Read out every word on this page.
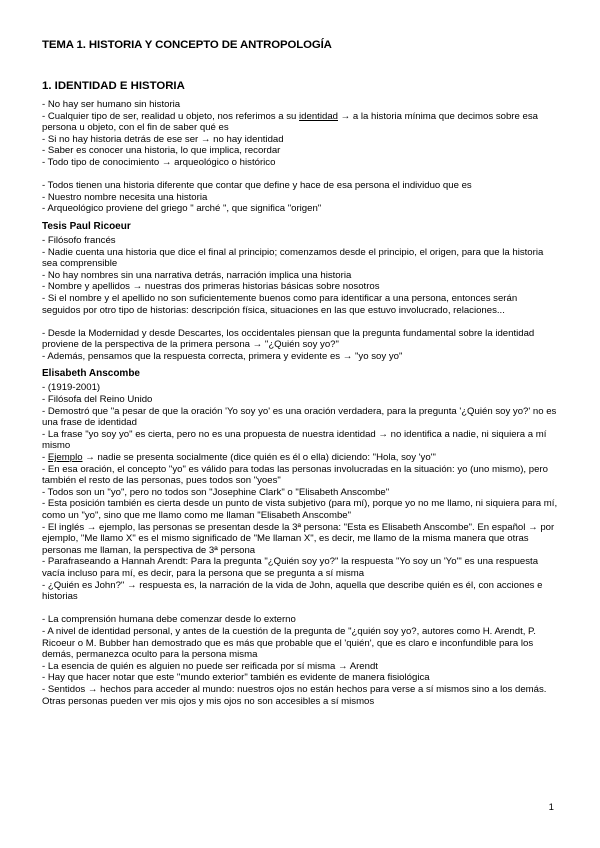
TEMA 1. HISTORIA Y CONCEPTO DE ANTROPOLOGÍA
1. IDENTIDAD E HISTORIA

- No hay ser humano sin historia

- Cualquier tipo de ser, realidad u objeto, nos referimos a su identidad → a la historia mínima que decimos sobre esa persona u objeto, con el fin de saber qué es

- Si no hay historia detrás de ese ser → no hay identidad

- Saber es conocer una historia, lo que implica, recordar

- Todo tipo de conocimiento → arqueológico o histórico

- Todos tienen una historia diferente que contar que define y hace de esa persona el individuo que es

- Nuestro nombre necesita una historia

- Arqueológico proviene del griego " arché ", que significa "origen"

Tesis Paul Ricoeur

- Filósofo francés

- Nadie cuenta una historia que dice el final al principio; comenzamos desde el principio, el origen, para que la historia sea comprensible

- No hay nombres sin una narrativa detrás, narración implica una historia

- Nombre y apellidos → nuestras dos primeras historias básicas sobre nosotros

- Si el nombre y el apellido no son suficientemente buenos como para identificar a una persona, entonces serán seguidos por otro tipo de historias: descripción física, situaciones en las que estuvo involucrado, relaciones...

- Desde la Modernidad y desde Descartes, los occidentales piensan que la pregunta fundamental sobre la identidad proviene de la perspectiva de la primera persona → "¿Quién soy yo?"

- Además, pensamos que la respuesta correcta, primera y evidente es → "yo soy yo"

Elisabeth Anscombe

- (1919-2001)

- Filósofa del Reino Unido

- Demostró que "a pesar de que la oración 'Yo soy yo' es una oración verdadera, para la pregunta '¿Quién soy yo?' no es una frase de identidad

- La frase "yo soy yo" es cierta, pero no es una propuesta de nuestra identidad → no identifica a nadie, ni siquiera a mí mismo

- Ejemplo → nadie se presenta socialmente (dice quién es él o ella) diciendo: "Hola, soy 'yo'"

- En esa oración, el concepto "yo" es válido para todas las personas involucradas en la situación: yo (uno mismo), pero también el resto de las personas, pues todos son "yoes"

- Todos son un "yo", pero no todos son "Josephine Clark" o "Elisabeth Anscombe"

- Esta posición también es cierta desde un punto de vista subjetivo (para mí), porque yo no me llamo, ni siquiera para mí, como un "yo", sino que me llamo como me llaman "Elisabeth Anscombe"

- El inglés → ejemplo, las personas se presentan desde la 3ª persona: "Esta es Elisabeth Anscombe". En español → por ejemplo, "Me llamo X" es el mismo significado de "Me llaman X", es decir, me llamo de la misma manera que otras personas me llaman, la perspectiva de 3ª persona

- Parafraseando a Hannah Arendt: Para la pregunta "¿Quién soy yo?" la respuesta "Yo soy un 'Yo'" es una respuesta vacía incluso para mí, es decir, para la persona que se pregunta a sí misma

- ¿Quién es John?" → respuesta es, la narración de la vida de John, aquella que describe quién es él, con acciones e historias

- La comprensión humana debe comenzar desde lo externo

- A nivel de identidad personal, y antes de la cuestión de la pregunta de "¿quién soy yo?, autores como H. Arendt, P. Ricoeur o M. Bubber han demostrado que es más que probable que el 'quién', que es claro e inconfundible para los demás, permanezca oculto para la persona misma

- La esencia de quién es alguien no puede ser reificada por sí misma → Arendt

- Hay que hacer notar que este "mundo exterior" también es evidente de manera fisiológica

- Sentidos → hechos para acceder al mundo: nuestros ojos no están hechos para verse a sí mismos sino a los demás. Otras personas pueden ver mis ojos y mis ojos no son accesibles a sí mismos

1
